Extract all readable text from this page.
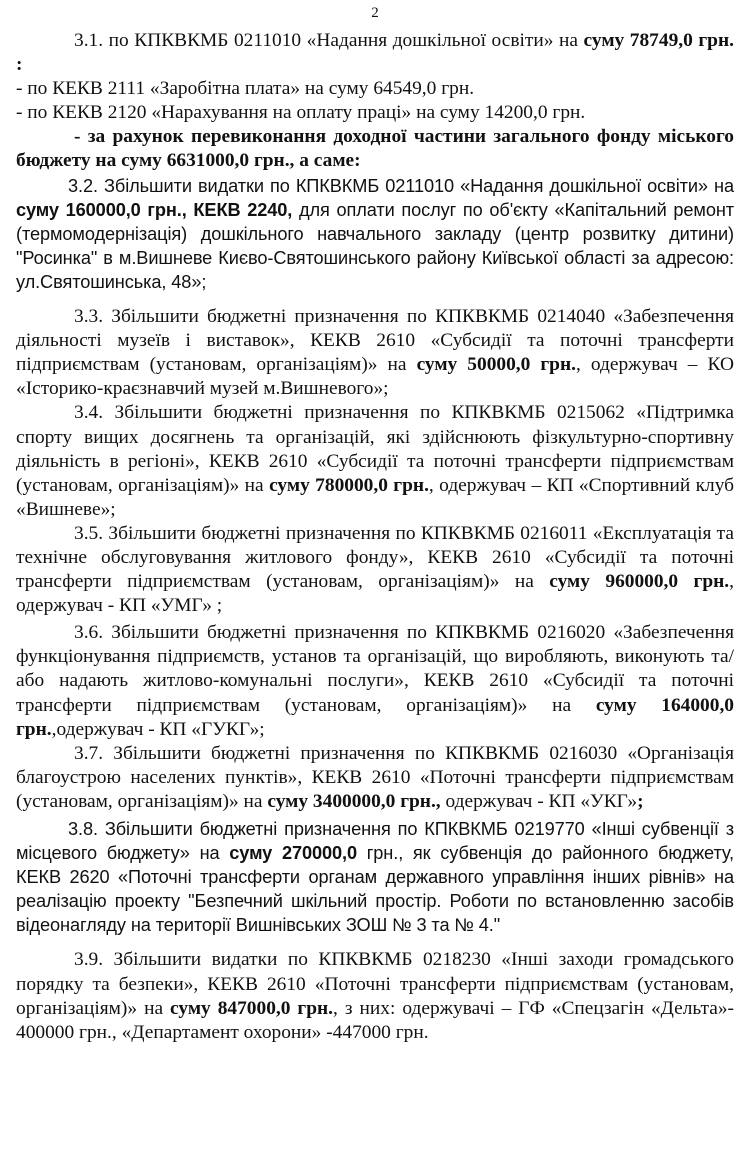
2

3.1. по КПКВКМБ 0211010 «Надання дошкільної освіти» на суму 78749,0 грн. :

- по КЕКВ 2111 «Заробітна плата» на суму 64549,0 грн.

- по КЕКВ 2120 «Нарахування на оплату праці» на суму 14200,0 грн.

- за рахунок перевиконання доходної частини загального фонду міського бюджету на суму 6631000,0 грн., а саме:

3.2. Збільшити видатки по КПКВКМБ 0211010 «Надання дошкільної освіти» на суму 160000,0 грн., КЕКВ 2240, для оплати послуг по об'єкту «Капітальний ремонт (термомодернізація) дошкільного навчального закладу (центр розвитку дитини) "Росинка" в м.Вишневе Києво-Святошинського району Київської області за адресою: ул.Святошинська, 48»;

3.3. Збільшити бюджетні призначення по КПКВКМБ 0214040 «Забезпечення діяльності музеїв і виставок», КЕКВ 2610 «Субсидії та поточні трансферти підприємствам (установам, організаціям)» на суму 50000,0 грн., одержувач – КО «Історико-краєзнавчий музей м.Вишневого»;

3.4. Збільшити бюджетні призначення по КПКВКМБ 0215062 «Підтримка спорту вищих досягнень та організацій, які здійснюють фізкультурно-спортивну діяльність в регіоні», КЕКВ 2610 «Субсидії та поточні трансферти підприємствам (установам, організаціям)» на суму 780000,0 грн., одержувач – КП «Спортивний клуб «Вишневе»;

3.5. Збільшити бюджетні призначення по КПКВКМБ 0216011 «Експлуатація та технічне обслуговування житлового фонду», КЕКВ 2610 «Субсидії та поточні трансферти підприємствам (установам, організаціям)» на суму 960000,0 грн., одержувач - КП «УМГ» ;

3.6. Збільшити бюджетні призначення по КПКВКМБ 0216020 «Забезпечення функціонування підприємств, установ та організацій, що виробляють, виконують та/або надають житлово-комунальні послуги», КЕКВ 2610 «Субсидії та поточні трансферти підприємствам (установам, організаціям)» на суму 164000,0 грн.,одержувач - КП «ГУКГ»;

3.7. Збільшити бюджетні призначення по КПКВКМБ 0216030 «Організація благоустрою населених пунктів», КЕКВ 2610 «Поточні трансферти підприємствам (установам, організаціям)» на суму 3400000,0 грн., одержувач - КП «УКГ»;

3.8. Збільшити бюджетні призначення по КПКВКМБ 0219770 «Інші субвенції з місцевого бюджету» на суму 270000,0 грн., як субвенція до районного бюджету, КЕКВ 2620 «Поточні трансферти органам державного управління інших рівнів» на реалізацію проекту "Безпечний шкільний простір. Роботи по встановленню засобів відеонагляду на території Вишнівських ЗОШ № 3 та № 4."

3.9. Збільшити видатки по КПКВКМБ 0218230 «Інші заходи громадського порядку та безпеки», КЕКВ 2610 «Поточні трансферти підприємствам (установам, організаціям)» на суму 847000,0 грн., з них: одержувачі – ГФ «Спецзагін «Дельта»- 400000 грн., «Департамент охорони» -447000 грн.
